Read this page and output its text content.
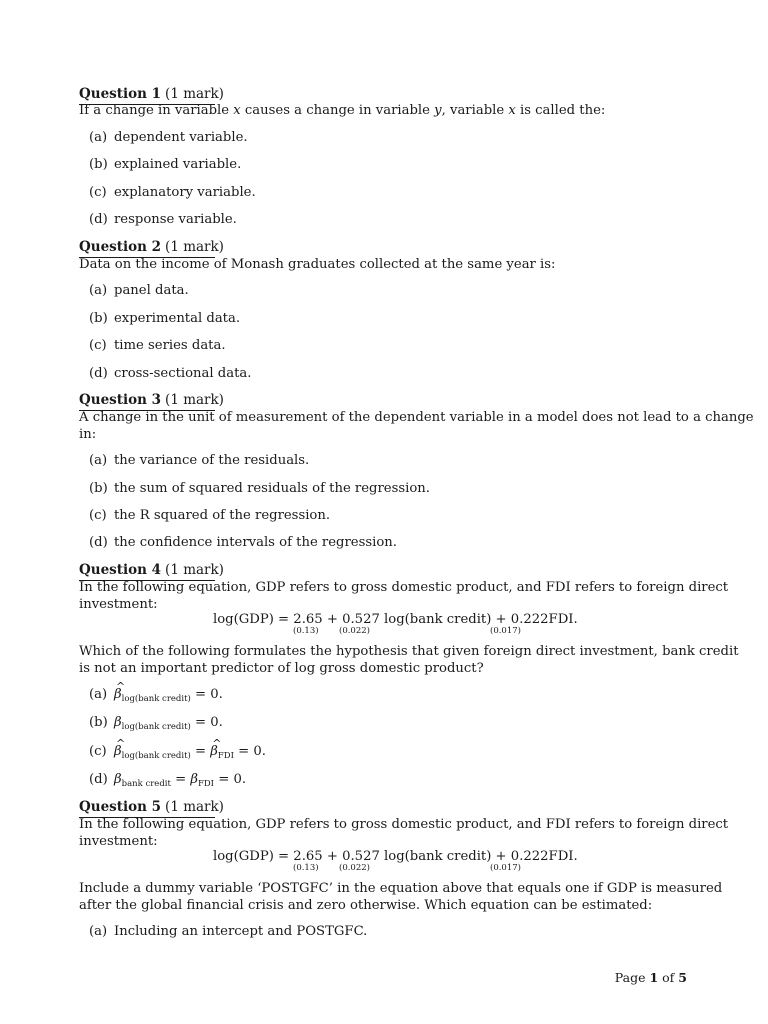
Question 1 (1 mark)
If a change in variable x causes a change in variable y, variable x is called the:
(a) dependent variable.
(b) explained variable.
(c) explanatory variable.
(d) response variable.
Question 2 (1 mark)
Data on the income of Monash graduates collected at the same year is:
(a) panel data.
(b) experimental data.
(c) time series data.
(d) cross-sectional data.
Question 3 (1 mark)
A change in the unit of measurement of the dependent variable in a model does not lead to a change
in:
(a) the variance of the residuals.
(b) the sum of squared residuals of the regression.
(c) the R squared of the regression.
(d) the confidence intervals of the regression.
Question 4 (1 mark)
In the following equation, GDP refers to gross domestic product, and FDI refers to foreign direct
investment:
log(GDP) = 2.65 + 0.527 log(bank credit) + 0.222FDI.
(0.13) (0.022)	(0.017)
Which of the following formulates the hypothesis that given foreign direct investment, bank credit
is not an important predictor of log gross domestic product?
(a)
^
$\beta_{log(bank credit)} = 0$.
(b) $\beta_{log(bank credit)} = 0$.
(c)
^
$\beta_{log(bank credit)}$ =
^
$\beta_{FDI} = 0$.
(d) $\beta_{bank credit} = \beta_{FDI} = 0$.
Question 5 (1 mark)
In the following equation, GDP refers to gross domestic product, and FDI refers to foreign direct
investment:
log(GDP) = 2.65 + 0.527 log(bank credit) + 0.222FDI.
(0.13) (0.022)	(0.017)
Include a dummy variable ‘POSTGFC’ in the equation above that equals one if GDP is measured
after the global financial crisis and zero otherwise. Which equation can be estimated:
(a) Including an intercept and POSTGFC.
Page 1 of 5
